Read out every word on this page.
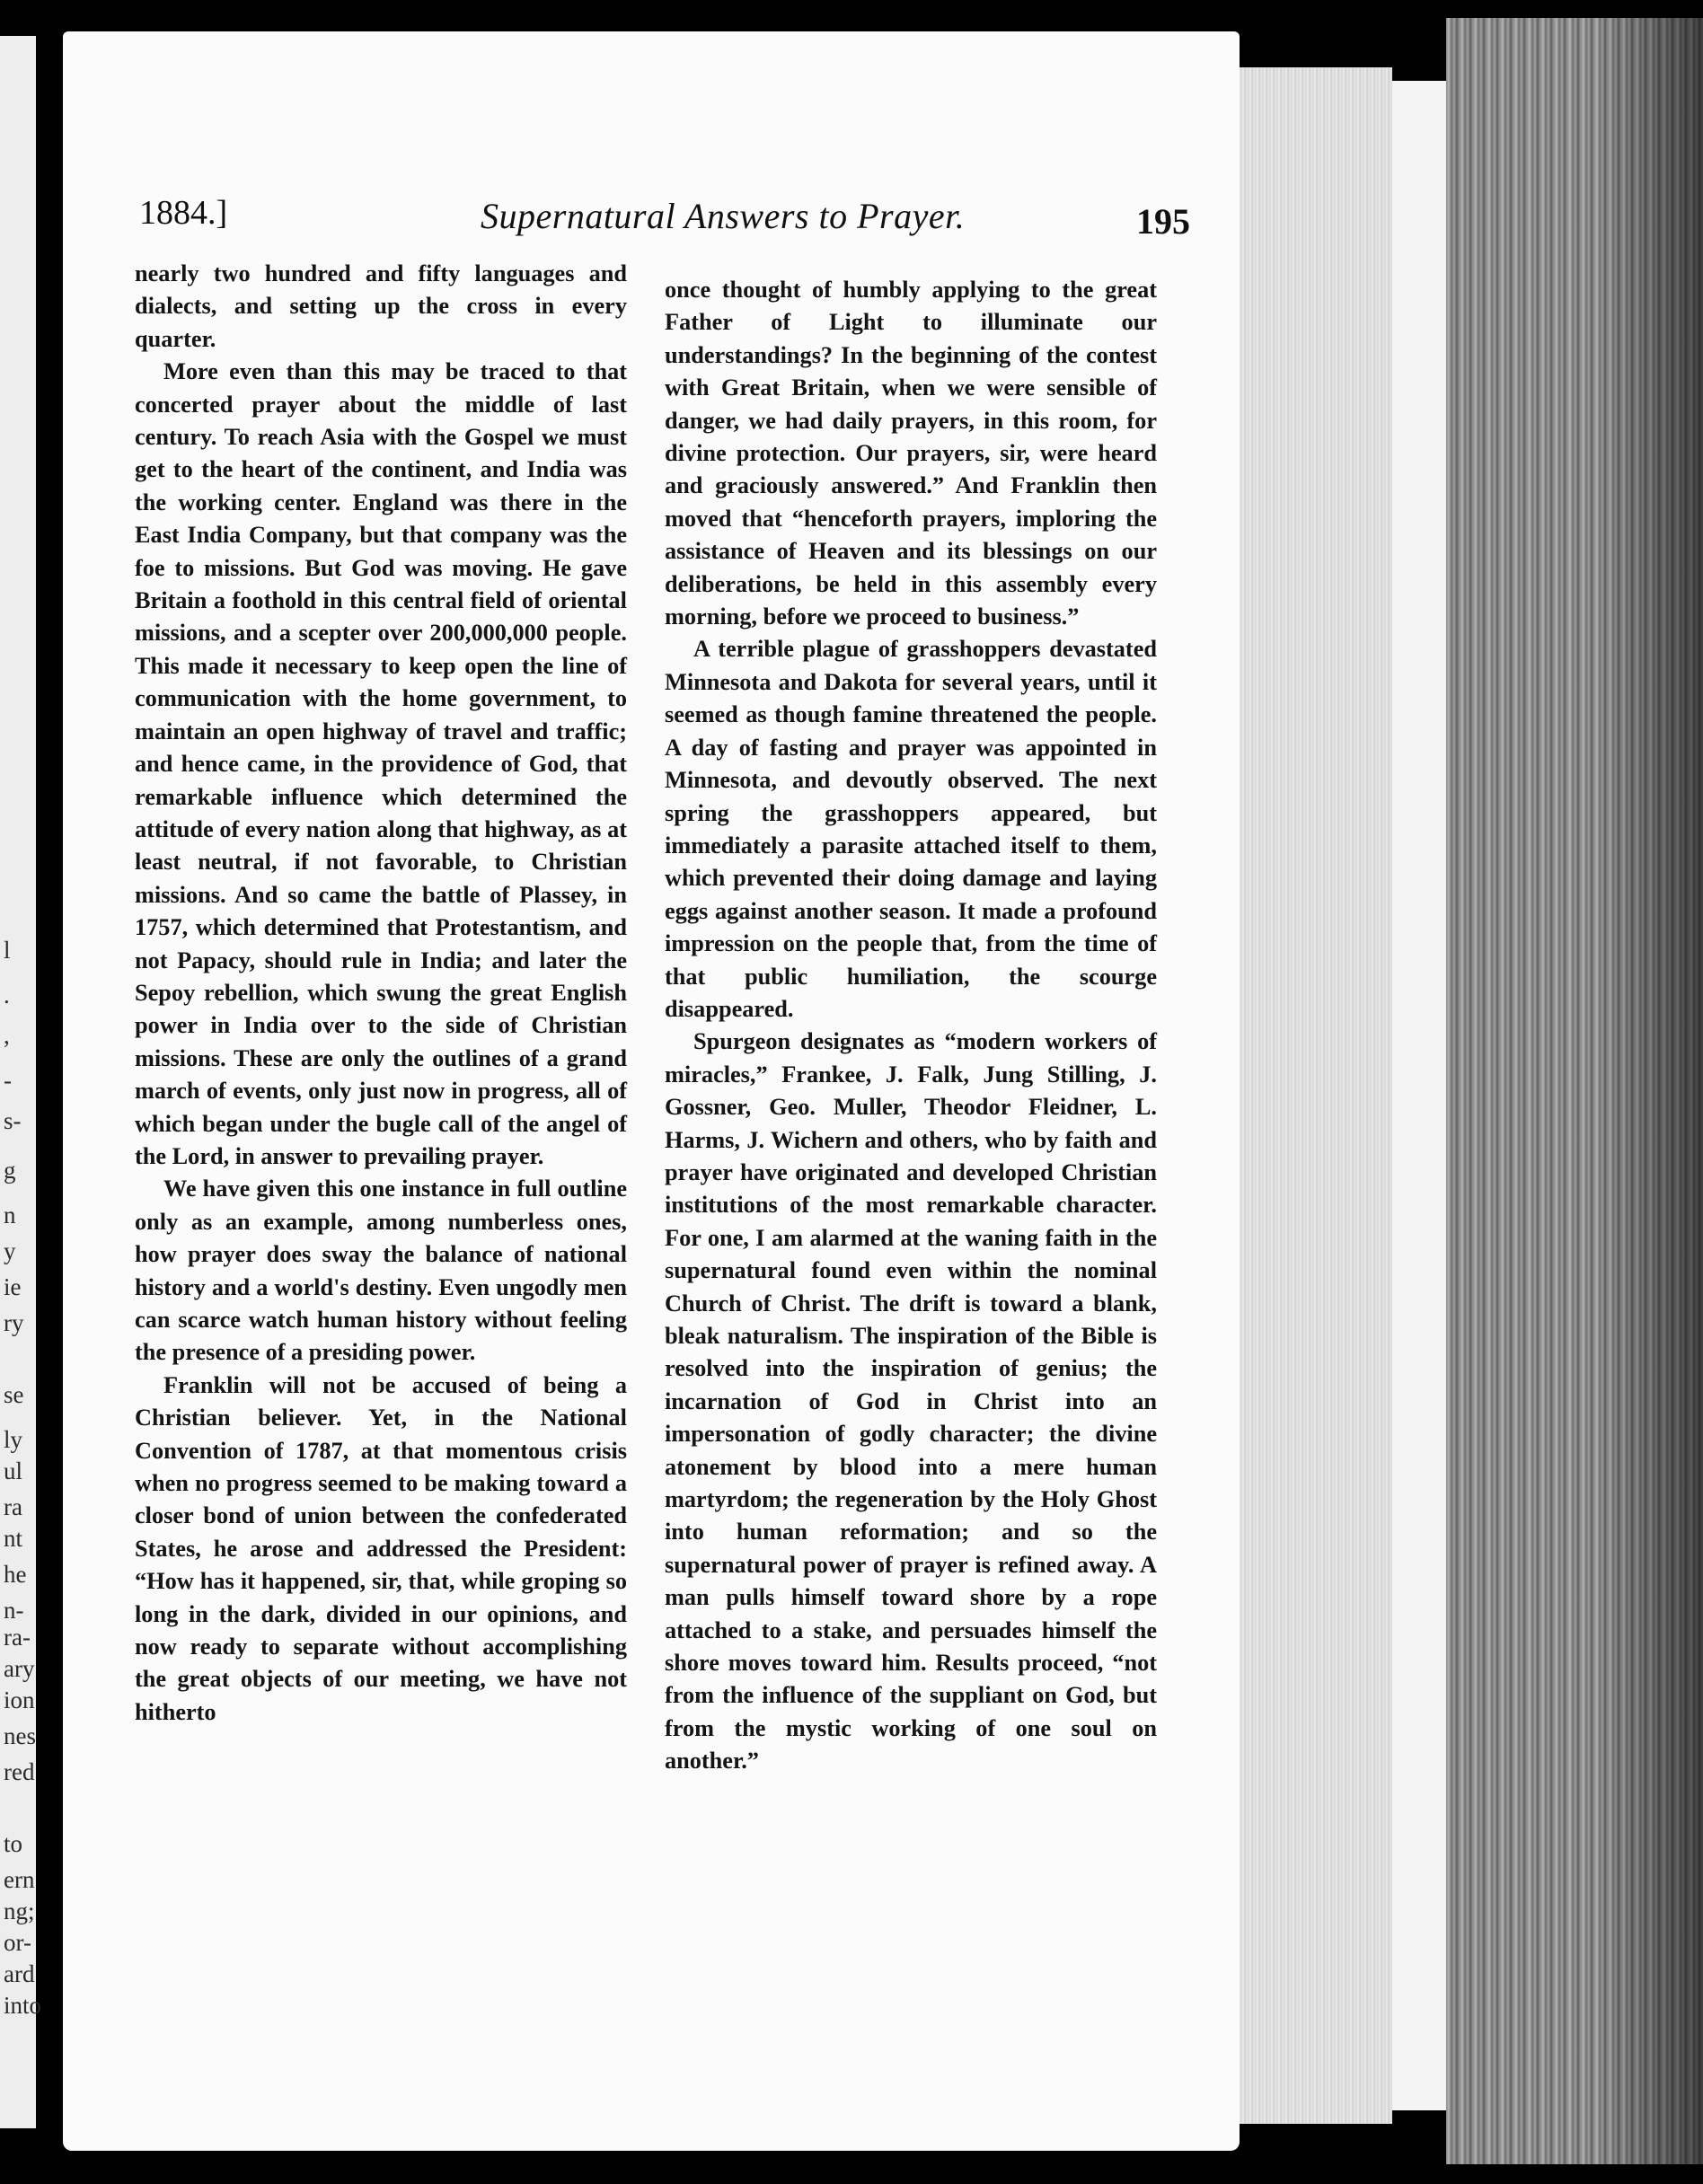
l
.
,
-
s-
g
n
y
ie
ry
se
ly
ul
ra
nt
he
n-
ra-
ary
ion
nes
red
to
ern
ng;
or-
ard
into
1884.]	Supernatural Answers to Prayer.	195

nearly two hundred and fifty languages and dialects, and setting up the cross in every quarter.

More even than this may be traced to that concerted prayer about the middle of last century. To reach Asia with the Gospel we must get to the heart of the continent, and India was the working center. England was there in the East India Company, but that company was the foe to missions. But God was moving. He gave Britain a foothold in this central field of oriental missions, and a scepter over 200,000,000 people. This made it necessary to keep open the line of communication with the home government, to maintain an open highway of travel and traffic; and hence came, in the providence of God, that remarkable influence which determined the attitude of every nation along that highway, as at least neutral, if not favorable, to Christian missions. And so came the battle of Plassey, in 1757, which determined that Protestantism, and not Papacy, should rule in India; and later the Sepoy rebellion, which swung the great English power in India over to the side of Christian missions. These are only the outlines of a grand march of events, only just now in progress, all of which began under the bugle call of the angel of the Lord, in answer to prevailing prayer.

We have given this one instance in full outline only as an example, among numberless ones, how prayer does sway the balance of national history and a world's destiny. Even ungodly men can scarce watch human history without feeling the presence of a presiding power.

Franklin will not be accused of being a Christian believer. Yet, in the National Convention of 1787, at that momentous crisis when no progress seemed to be making toward a closer bond of union between the confederated States, he arose and addressed the President: “How has it happened, sir, that, while groping so long in the dark, divided in our opinions, and now ready to separate without accomplishing the great objects of our meeting, we have not hitherto

once thought of humbly applying to the great Father of Light to illuminate our understandings? In the beginning of the contest with Great Britain, when we were sensible of danger, we had daily prayers, in this room, for divine protection. Our prayers, sir, were heard and graciously answered.” And Franklin then moved that “henceforth prayers, imploring the assistance of Heaven and its blessings on our deliberations, be held in this assembly every morning, before we proceed to business.”

A terrible plague of grasshoppers devastated Minnesota and Dakota for several years, until it seemed as though famine threatened the people. A day of fasting and prayer was appointed in Minnesota, and devoutly observed. The next spring the grasshoppers appeared, but immediately a parasite attached itself to them, which prevented their doing damage and laying eggs against another season. It made a profound impression on the people that, from the time of that public humiliation, the scourge disappeared.

Spurgeon designates as “modern workers of miracles,” Frankee, J. Falk, Jung Stilling, J. Gossner, Geo. Muller, Theodor Fleidner, L. Harms, J. Wichern and others, who by faith and prayer have originated and developed Christian institutions of the most remarkable character. For one, I am alarmed at the waning faith in the supernatural found even within the nominal Church of Christ. The drift is toward a blank, bleak naturalism. The inspiration of the Bible is resolved into the inspiration of genius; the incarnation of God in Christ into an impersonation of godly character; the divine atonement by blood into a mere human martyrdom; the regeneration by the Holy Ghost into human reformation; and so the supernatural power of prayer is refined away. A man pulls himself toward shore by a rope attached to a stake, and persuades himself the shore moves toward him. Results proceed, “not from the influence of the suppliant on God, but from the mystic working of one soul on another.”
